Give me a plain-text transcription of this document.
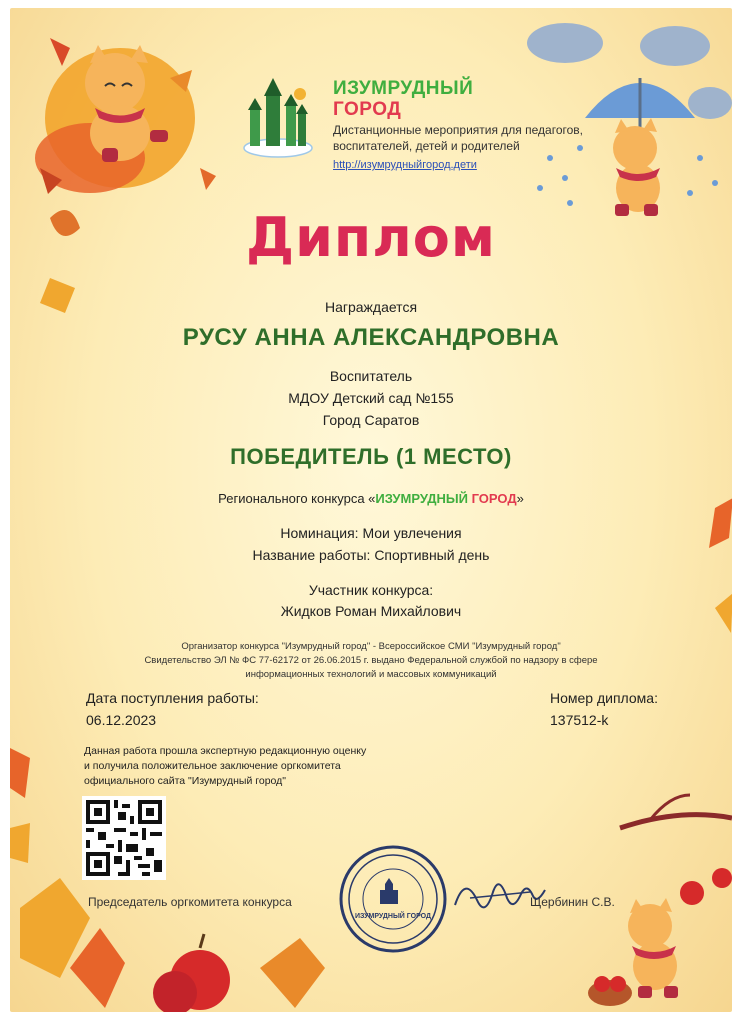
ИЗУМРУДНЫЙ
ГОРОД
Дистанционные мероприятия для педагогов,
воспитателей, детей и родителей
http://изумрудныйгород.дети
Диплом
Награждается
РУСУ АННА АЛЕКСАНДРОВНА
Воспитатель
МДОУ Детский сад №155
Город Саратов
ПОБЕДИТЕЛЬ (1 МЕСТО)
Регионального конкурса «ИЗУМРУДНЫЙ ГОРОД»
Номинация: Мои увлечения
Название работы: Спортивный день
Участник конкурса:
Жидков Роман Михайлович
Организатор конкурса "Изумрудный город" - Всероссийское СМИ "Изумрудный город"
Свидетельство ЭЛ № ФС 77-62172 от 26.06.2015 г. выдано Федеральной службой по надзору в сфере
информационных технологий и массовых коммуникаций
Дата поступления работы:
06.12.2023
Номер диплома:
137512-k
Данная работа прошла экспертную редакционную оценку
и получила положительное заключение оргкомитета
официального сайта "Изумрудный город"
Председатель оргкомитета конкурса
ИЗУМРУДНЫЙ ГОРОД
Щербинин С.В.
